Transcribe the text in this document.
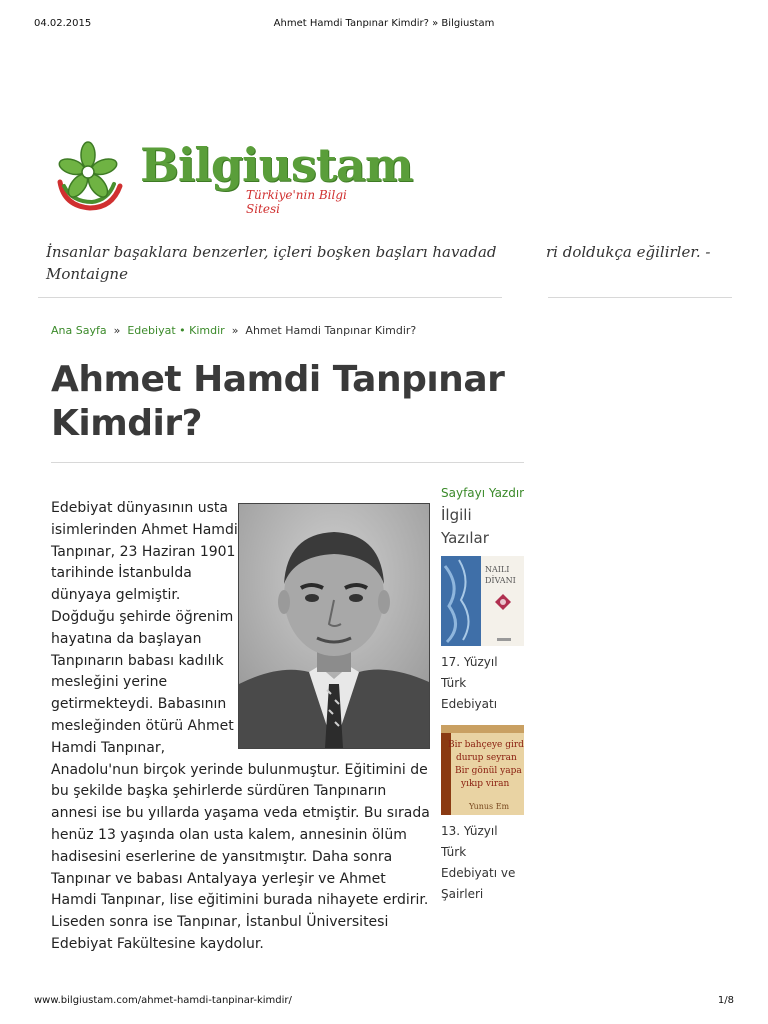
04.02.2015	Ahmet Hamdi Tanpınar Kimdir? » Bilgiustam
Bilgiustam
Türkiye'nin Bilgi Sitesi
İnsanlar başaklara benzerler, içleri boşken başları havadad	ri doldukça eğilirler. -
Montaigne
Ana Sayfa » Edebiyat • Kimdir » Ahmet Hamdi Tanpınar Kimdir?
Ahmet Hamdi Tanpınar Kimdir?

Edebiyat dünyasının usta isimlerinden Ahmet Hamdi Tanpınar, 23 Haziran 1901 tarihinde İstanbulda dünyaya gelmiştir. Doğduğu şehirde öğrenim hayatına da başlayan Tanpınarın babası kadılık mesleğini yerine getirmekteydi. Babasının mesleğinden ötürü Ahmet Hamdi Tanpınar, Anadolu'nun birçok yerinde bulunmuştur. Eğitimini de bu şekilde başka şehirlerde sürdüren Tanpınarın annesi ise bu yıllarda yaşama veda etmiştir. Bu sırada henüz 13 yaşında olan usta kalem, annesinin ölüm hadisesini eserlerine de yansıtmıştır. Daha sonra Tanpınar ve babası Antalyaya yerleşir ve Ahmet Hamdi Tanpınar, lise eğitimini burada nihayete erdirir. Liseden sonra ise Tanpınar, İstanbul Üniversitesi Edebiyat Fakültesine kaydolur.

Sayfayı Yazdır
İlgili Yazılar
NAILI
DİVANI
17. Yüzyıl Türk Edebiyatı
Bir bahçeye gird
durup seyran
Bir gönül yapa
yıkıp viran
Yunus Em
13. Yüzyıl Türk Edebiyatı ve Şairleri
www.bilgiustam.com/ahmet-hamdi-tanpinar-kimdir/	1/8
